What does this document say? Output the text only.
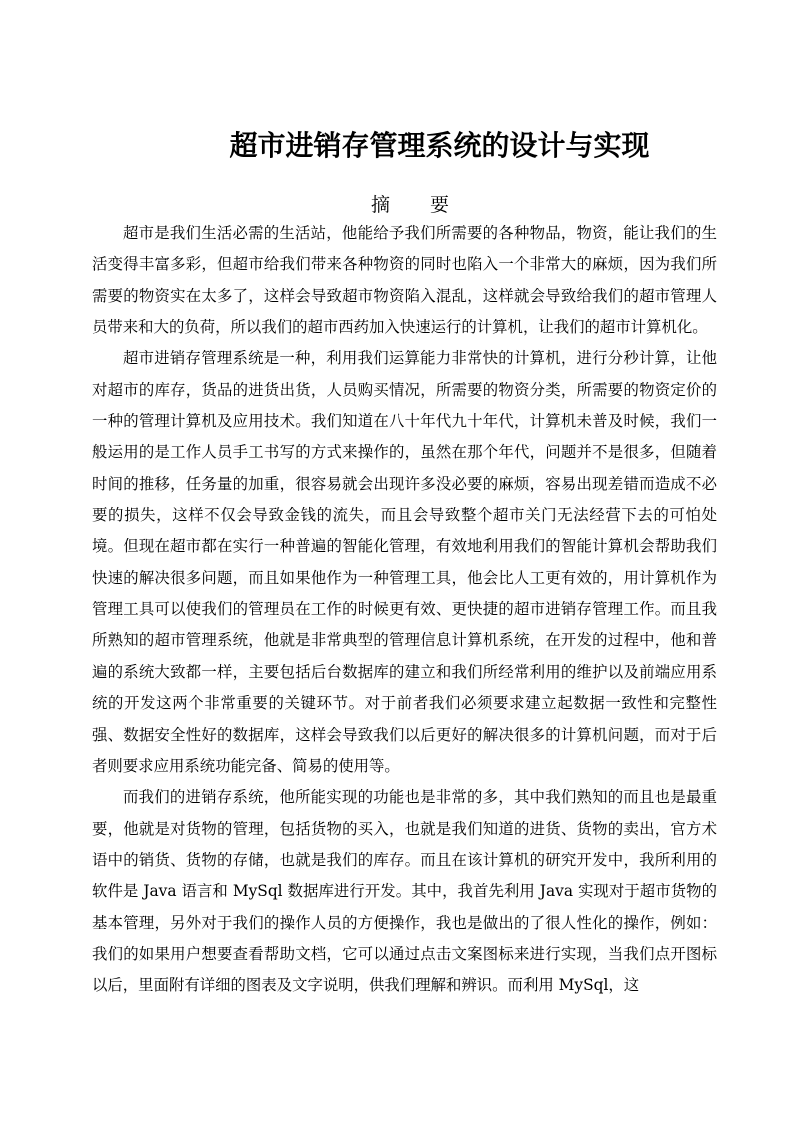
超市进销存管理系统的设计与实现
摘 要

超市是我们生活必需的生活站，他能给予我们所需要的各种物品，物资，能让我们的生活变得丰富多彩，但超市给我们带来各种物资的同时也陷入一个非常大的麻烦，因为我们所需要的物资实在太多了，这样会导致超市物资陷入混乱，这样就会导致给我们的超市管理人员带来和大的负荷，所以我们的超市西药加入快速运行的计算机，让我们的超市计算机化。

超市进销存管理系统是一种，利用我们运算能力非常快的计算机，进行分秒计算，让他对超市的库存，货品的进货出货，人员购买情况，所需要的物资分类，所需要的物资定价的一种的管理计算机及应用技术。我们知道在八十年代九十年代，计算机未普及时候，我们一般运用的是工作人员手工书写的方式来操作的，虽然在那个年代，问题并不是很多，但随着时间的推移，任务量的加重，很容易就会出现许多没必要的麻烦，容易出现差错而造成不必要的损失，这样不仅会导致金钱的流失，而且会导致整个超市关门无法经营下去的可怕处境。但现在超市都在实行一种普遍的智能化管理，有效地利用我们的智能计算机会帮助我们快速的解决很多问题，而且如果他作为一种管理工具，他会比人工更有效的，用计算机作为管理工具可以使我们的管理员在工作的时候更有效、更快捷的超市进销存管理工作。而且我所熟知的超市管理系统，他就是非常典型的管理信息计算机系统，在开发的过程中，他和普遍的系统大致都一样，主要包括后台数据库的建立和我们所经常利用的维护以及前端应用系统的开发这两个非常重要的关键环节。对于前者我们必须要求建立起数据一致性和完整性强、数据安全性好的数据库，这样会导致我们以后更好的解决很多的计算机问题，而对于后者则要求应用系统功能完备、简易的使用等。

而我们的进销存系统，他所能实现的功能也是非常的多，其中我们熟知的而且也是最重要，他就是对货物的管理，包括货物的买入，也就是我们知道的进货、货物的卖出，官方术语中的销货、货物的存储，也就是我们的库存。而且在该计算机的研究开发中，我所利用的软件是 Java 语言和 MySql 数据库进行开发。其中，我首先利用 Java 实现对于超市货物的基本管理，另外对于我们的操作人员的方便操作，我也是做出的了很人性化的操作，例如：我们的如果用户想要查看帮助文档，它可以通过点击文案图标来进行实现，当我们点开图标以后，里面附有详细的图表及文字说明，供我们理解和辨识。而利用 MySql，这
